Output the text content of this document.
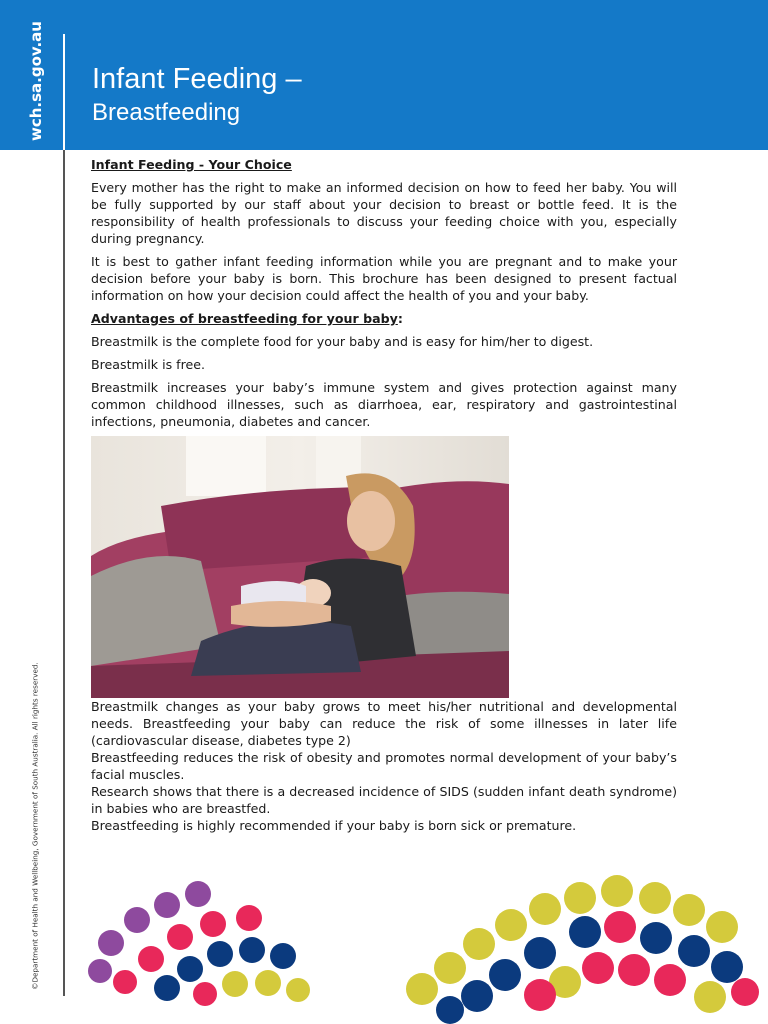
wch.sa.gov.au Infant Feeding –
Breastfeeding
Infant Feeding - Your Choice

Every mother has the right to make an informed decision on how to feed her baby. You will be fully supported by our staff about your decision to breast or bottle feed. It is the responsibility of health professionals to discuss your feeding choice with you, especially during pregnancy.

It is best to gather infant feeding information while you are pregnant and to make your decision before your baby is born. This brochure has been designed to present factual information on how your decision could affect the health of you and your baby.

Advantages of breastfeeding for your baby:

Breastmilk is the complete food for your baby and is easy for him/her to digest.

Breastmilk is free.

Breastmilk increases your baby’s immune system and gives protection against many common childhood illnesses, such as diarrhoea, ear, respiratory and gastrointestinal infections, pneumonia, diabetes and cancer.

Breastmilk changes as your baby grows to meet his/her nutritional and developmental needs. Breastfeeding your baby can reduce the risk of some illnesses in later life (cardiovascular disease, diabetes type 2)

Breastfeeding reduces the risk of obesity and promotes normal development of your baby’s facial muscles.

Research shows that there is a decreased incidence of SIDS (sudden infant death syndrome) in babies who are breastfed.

Breastfeeding is highly recommended if your baby is born sick or premature.

©Department of Health and Wellbeing, Government of South Australia. All rights reserved.
